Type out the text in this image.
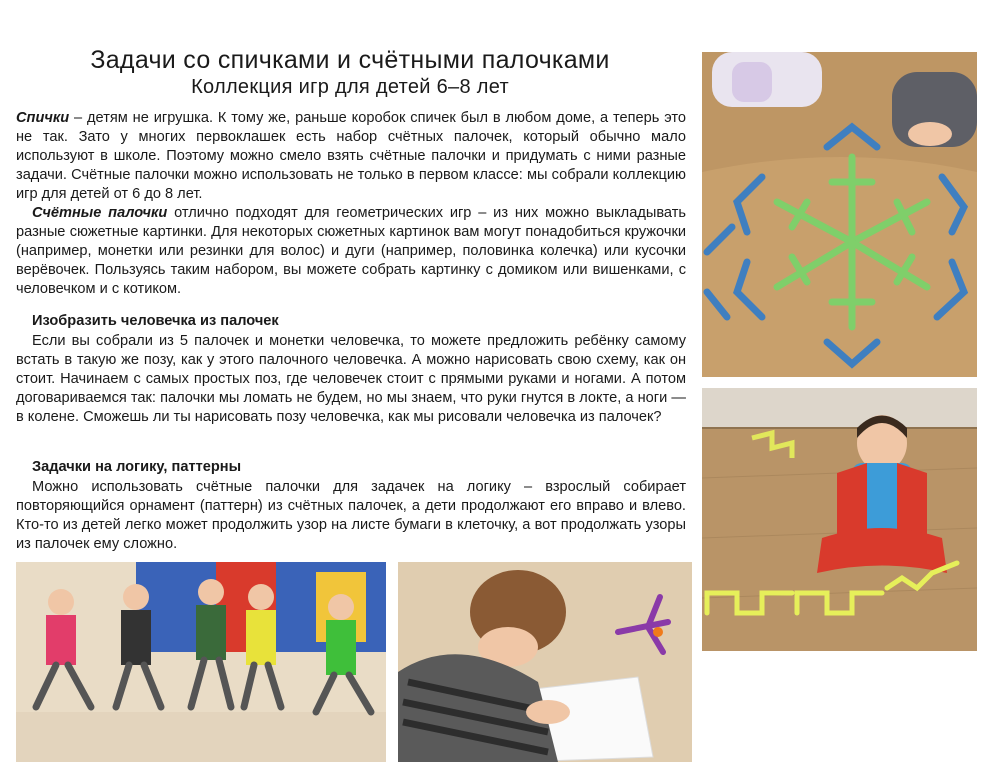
Задачи со спичками и счётными палочками
Коллекция игр для детей 6–8 лет

Спички – детям не игрушка. К тому же, раньше коробок спичек был в любом доме, а теперь это не так. Зато у многих первоклашек есть набор счётных палочек, который обычно мало используют в школе. Поэтому можно смело взять счётные палочки и придумать с ними разные задачи. Счётные палочки можно использовать не только в первом классе: мы собрали коллекцию игр для детей от 6 до 8 лет.

Счётные палочки отлично подходят для геометрических игр – из них можно выкладывать разные сюжетные картинки. Для некоторых сюжетных картинок вам могут понадобиться кружочки (например, монетки или резинки для волос) и дуги (например, половинка колечка) или кусочки верёвочек. Пользуясь таким набором, вы можете собрать картинку с домиком или вишенками, с человечком и с котиком.

Изобразить человечка из палочек

Если вы собрали из 5 палочек и монетки человечка, то можете предложить ребёнку самому встать в такую же позу, как у этого палочного человечка. А можно нарисовать свою схему, как он стоит. Начинаем с самых простых поз, где человечек стоит с прямыми руками и ногами. А потом договариваемся так: палочки мы ломать не будем, но мы знаем, что руки гнутся в локте, а ноги — в колене. Сможешь ли ты нарисовать позу человечка, как мы рисовали человечка из палочек?

Задачки на логику, паттерны

Можно использовать счётные палочки для задачек на логику – взрослый собирает повторяющийся орнамент (паттерн) из счётных палочек, а дети продолжают его вправо и влево. Кто-то из детей легко может продолжить узор на листе бумаги в клеточку, а вот продолжать узоры из палочек ему сложно.
